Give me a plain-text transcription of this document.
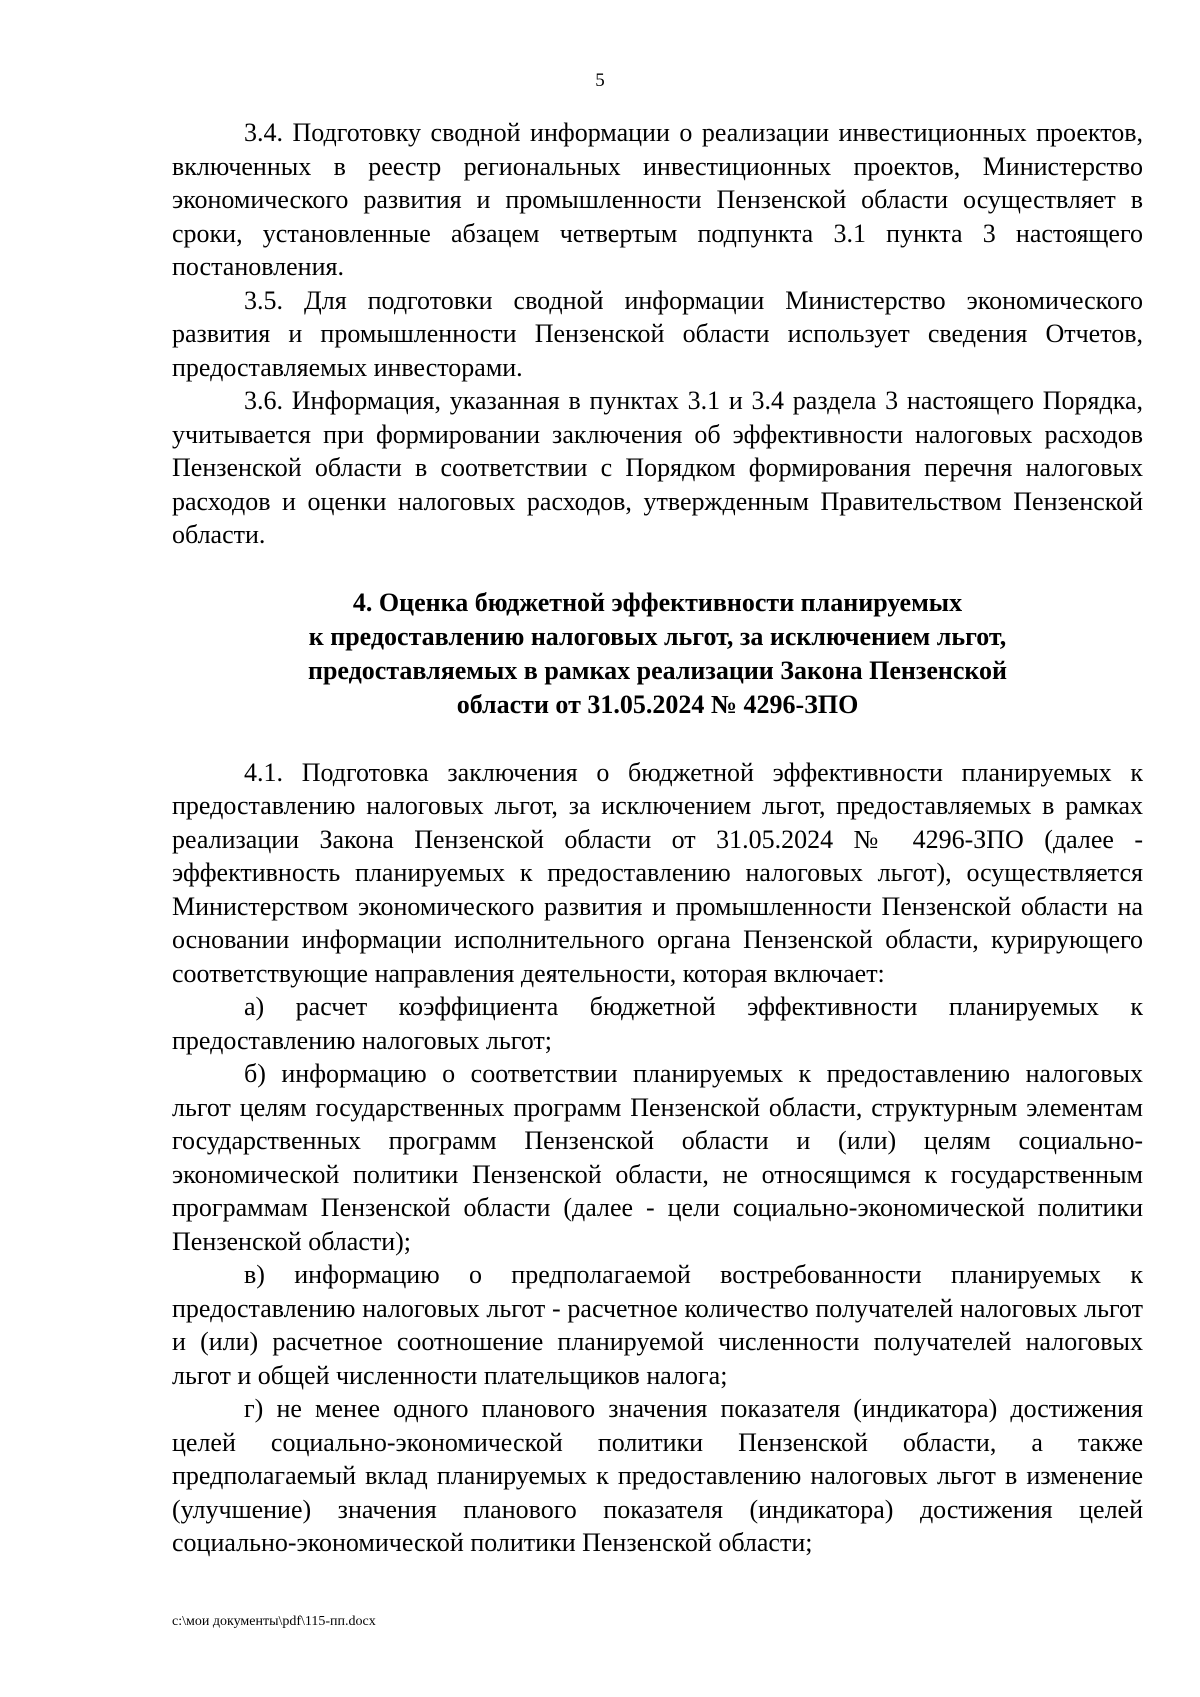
5

3.4. Подготовку сводной информации о реализации инвестиционных проектов, включенных в реестр региональных инвестиционных проектов, Министерство экономического развития и промышленности Пензенской области осуществляет в сроки, установленные абзацем четвертым подпункта 3.1 пункта 3 настоящего постановления.

3.5. Для подготовки сводной информации Министерство экономического развития и промышленности Пензенской области использует сведения Отчетов, предоставляемых инвесторами.

3.6. Информация, указанная в пунктах 3.1 и 3.4 раздела 3 настоящего Порядка, учитывается при формировании заключения об эффективности налоговых расходов Пензенской области в соответствии с Порядком формирования перечня налоговых расходов и оценки налоговых расходов, утвержденным Правительством Пензенской области.

4. Оценка бюджетной эффективности планируемых
к предоставлению налоговых льгот, за исключением льгот,
предоставляемых в рамках реализации Закона Пензенской
области от 31.05.2024 № 4296-ЗПО

4.1. Подготовка заключения о бюджетной эффективности планируемых к предоставлению налоговых льгот, за исключением льгот, предоставляемых в рамках реализации Закона Пензенской области от 31.05.2024 № 4296-ЗПО (далее - эффективность планируемых к предоставлению налоговых льгот), осуществляется Министерством экономического развития и промышленности Пензенской области на основании информации исполнительного органа Пензенской области, курирующего соответствующие направления деятельности, которая включает:

а) расчет коэффициента бюджетной эффективности планируемых к предоставлению налоговых льгот;

б) информацию о соответствии планируемых к предоставлению налоговых льгот целям государственных программ Пензенской области, структурным элементам государственных программ Пензенской области и (или) целям социально-экономической политики Пензенской области, не относящимся к государственным программам Пензенской области (далее - цели социально-экономической политики Пензенской области);

в) информацию о предполагаемой востребованности планируемых к предоставлению налоговых льгот - расчетное количество получателей налоговых льгот и (или) расчетное соотношение планируемой численности получателей налоговых льгот и общей численности плательщиков налога;

г) не менее одного планового значения показателя (индикатора) достижения целей социально-экономической политики Пензенской области, а также предполагаемый вклад планируемых к предоставлению налоговых льгот в изменение (улучшение) значения планового показателя (индикатора) достижения целей социально-экономической политики Пензенской области;

c:\мои документы\pdf\115-пп.docx
